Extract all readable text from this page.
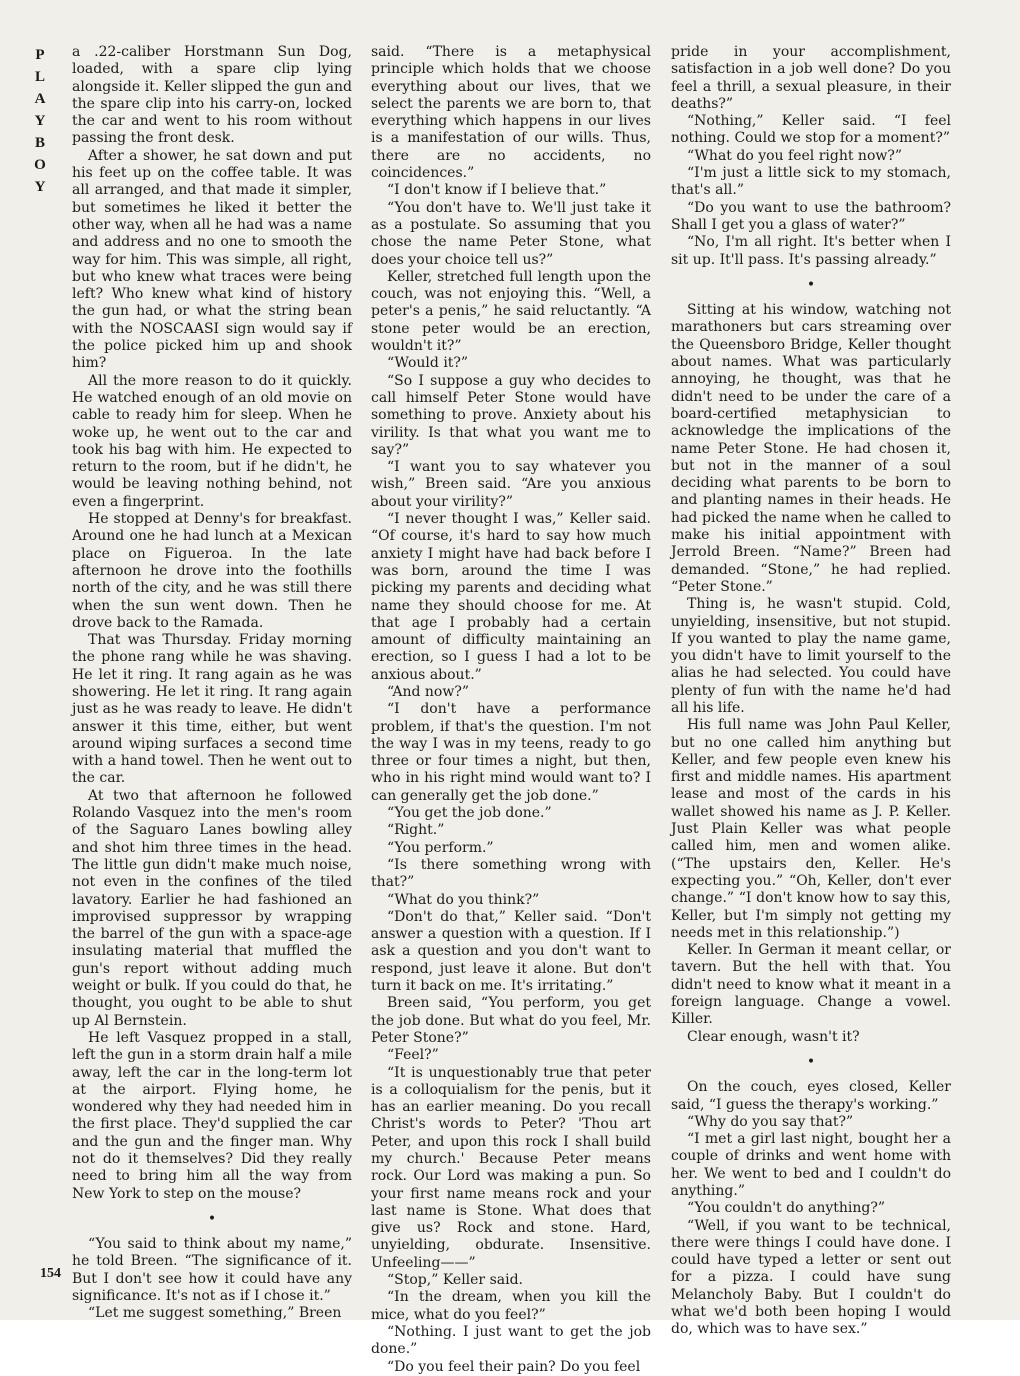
P
L
A
Y
B
O
Y

a .22-caliber Horstmann Sun Dog, loaded, with a spare clip lying alongside it. Keller slipped the gun and the spare clip into his carry-on, locked the car and went to his room without passing the front desk.

After a shower, he sat down and put his feet up on the coffee table. It was all arranged, and that made it simpler, but sometimes he liked it better the other way, when all he had was a name and address and no one to smooth the way for him. This was simple, all right, but who knew what traces were being left? Who knew what kind of history the gun had, or what the string bean with the NOSCAASI sign would say if the police picked him up and shook him?

All the more reason to do it quickly. He watched enough of an old movie on cable to ready him for sleep. When he woke up, he went out to the car and took his bag with him. He expected to return to the room, but if he didn't, he would be leaving nothing behind, not even a fingerprint.

He stopped at Denny's for breakfast. Around one he had lunch at a Mexican place on Figueroa. In the late afternoon he drove into the foothills north of the city, and he was still there when the sun went down. Then he drove back to the Ramada.

That was Thursday. Friday morning the phone rang while he was shaving. He let it ring. It rang again as he was showering. He let it ring. It rang again just as he was ready to leave. He didn't answer it this time, either, but went around wiping surfaces a second time with a hand towel. Then he went out to the car.

At two that afternoon he followed Rolando Vasquez into the men's room of the Saguaro Lanes bowling alley and shot him three times in the head. The little gun didn't make much noise, not even in the confines of the tiled lavatory. Earlier he had fashioned an improvised suppressor by wrapping the barrel of the gun with a space-age insulating material that muffled the gun's report without adding much weight or bulk. If you could do that, he thought, you ought to be able to shut up Al Bernstein.

He left Vasquez propped in a stall, left the gun in a storm drain half a mile away, left the car in the long-term lot at the airport. Flying home, he wondered why they had needed him in the first place. They'd supplied the car and the gun and the finger man. Why not do it themselves? Did they really need to bring him all the way from New York to step on the mouse?

•

“You said to think about my name,” he told Breen. “The significance of it. But I don't see how it could have any significance. It's not as if I chose it.”

“Let me suggest something,” Breen

said. “There is a metaphysical principle which holds that we choose everything about our lives, that we select the parents we are born to, that everything which happens in our lives is a manifestation of our wills. Thus, there are no accidents, no coincidences.”

“I don't know if I believe that.”

“You don't have to. We'll just take it as a postulate. So assuming that you chose the name Peter Stone, what does your choice tell us?”

Keller, stretched full length upon the couch, was not enjoying this. “Well, a peter's a penis,” he said reluctantly. “A stone peter would be an erection, wouldn't it?”

“Would it?”

“So I suppose a guy who decides to call himself Peter Stone would have something to prove. Anxiety about his virility. Is that what you want me to say?”

“I want you to say whatever you wish,” Breen said. “Are you anxious about your virility?”

“I never thought I was,” Keller said. “Of course, it's hard to say how much anxiety I might have had back before I was born, around the time I was picking my parents and deciding what name they should choose for me. At that age I probably had a certain amount of difficulty maintaining an erection, so I guess I had a lot to be anxious about.”

“And now?”

“I don't have a performance problem, if that's the question. I'm not the way I was in my teens, ready to go three or four times a night, but then, who in his right mind would want to? I can generally get the job done.”

“You get the job done.”

“Right.”

“You perform.”

“Is there something wrong with that?”

“What do you think?”

“Don't do that,” Keller said. “Don't answer a question with a question. If I ask a question and you don't want to respond, just leave it alone. But don't turn it back on me. It's irritating.”

Breen said, “You perform, you get the job done. But what do you feel, Mr. Peter Stone?”

“Feel?”

“It is unquestionably true that peter is a colloquialism for the penis, but it has an earlier meaning. Do you recall Christ's words to Peter? 'Thou art Peter, and upon this rock I shall build my church.' Because Peter means rock. Our Lord was making a pun. So your first name means rock and your last name is Stone. What does that give us? Rock and stone. Hard, unyielding, obdurate. Insensitive. Unfeeling——”

“Stop,” Keller said.

“In the dream, when you kill the mice, what do you feel?”

“Nothing. I just want to get the job done.”

“Do you feel their pain? Do you feel

pride in your accomplishment, satisfaction in a job well done? Do you feel a thrill, a sexual pleasure, in their deaths?”

“Nothing,” Keller said. “I feel nothing. Could we stop for a moment?”

“What do you feel right now?”

“I'm just a little sick to my stomach, that's all.”

“Do you want to use the bathroom? Shall I get you a glass of water?”

“No, I'm all right. It's better when I sit up. It'll pass. It's passing already.”

•

Sitting at his window, watching not marathoners but cars streaming over the Queensboro Bridge, Keller thought about names. What was particularly annoying, he thought, was that he didn't need to be under the care of a board-certified metaphysician to acknowledge the implications of the name Peter Stone. He had chosen it, but not in the manner of a soul deciding what parents to be born to and planting names in their heads. He had picked the name when he called to make his initial appointment with Jerrold Breen. “Name?” Breen had demanded. “Stone,” he had replied. “Peter Stone.”

Thing is, he wasn't stupid. Cold, unyielding, insensitive, but not stupid. If you wanted to play the name game, you didn't have to limit yourself to the alias he had selected. You could have plenty of fun with the name he'd had all his life.

His full name was John Paul Keller, but no one called him anything but Keller, and few people even knew his first and middle names. His apartment lease and most of the cards in his wallet showed his name as J. P. Keller. Just Plain Keller was what people called him, men and women alike. (“The upstairs den, Keller. He's expecting you.” “Oh, Keller, don't ever change.” “I don't know how to say this, Keller, but I'm simply not getting my needs met in this relationship.”)

Keller. In German it meant cellar, or tavern. But the hell with that. You didn't need to know what it meant in a foreign language. Change a vowel. Killer.

Clear enough, wasn't it?

•

On the couch, eyes closed, Keller said, “I guess the therapy's working.”

“Why do you say that?”

“I met a girl last night, bought her a couple of drinks and went home with her. We went to bed and I couldn't do anything.”

“You couldn't do anything?”

“Well, if you want to be technical, there were things I could have done. I could have typed a letter or sent out for a pizza. I could have sung Melancholy Baby. But I couldn't do what we'd both been hoping I would do, which was to have sex.”

154
